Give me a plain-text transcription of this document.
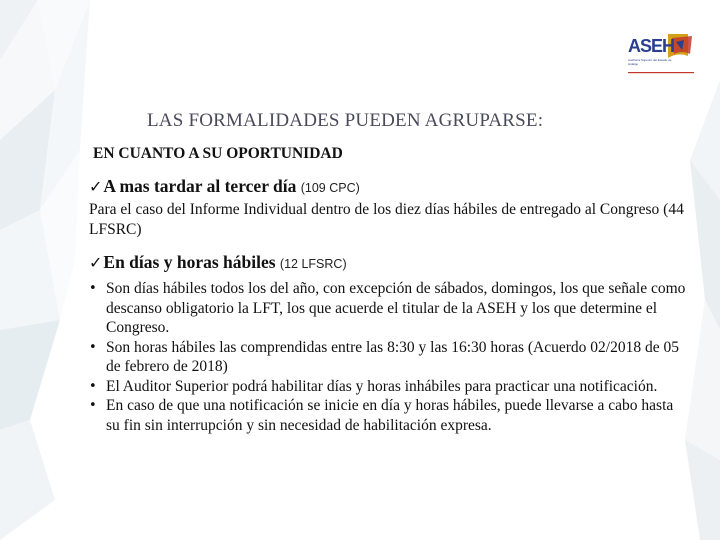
ASEH
Auditoría Superior del Estado de Hidalgo
LAS FORMALIDADES PUEDEN AGRUPARSE:
EN CUANTO A SU OPORTUNIDAD
✓A mas tardar al tercer día (109 CPC)
Para el caso del Informe Individual dentro de los diez días hábiles de entregado al Congreso (44 LFSRC)
✓En días y horas hábiles (12 LFSRC)
• Son días hábiles todos los del año, con excepción de sábados, domingos, los que señale como descanso obligatorio la LFT, los que acuerde el titular de la ASEH y los que determine el Congreso.
• Son horas hábiles las comprendidas entre las 8:30 y las 16:30 horas (Acuerdo 02/2018 de 05 de febrero de 2018)
• El Auditor Superior podrá habilitar días y horas inhábiles para practicar una notificación.
• En caso de que una notificación se inicie en día y horas hábiles, puede llevarse a cabo hasta su fin sin interrupción y sin necesidad de habilitación expresa.
